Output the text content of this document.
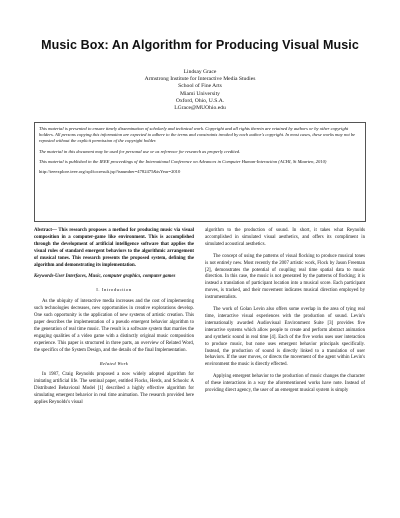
Music Box: An Algorithm for Producing Visual Music
Lindsay Grace
Armstrong Institute for Interactive Media Studies
School of Fine Arts
Miami University
Oxford, Ohio, U.S.A.
LGrace@MUOhio.edu

This material is presented to ensure timely dissemination of scholarly and technical work. Copyright and all rights therein are retained by authors or by other copyright holders. All persons copying this information are expected to adhere to the terms and constraints invoked by each author's copyright. In most cases, these works may not be reposted without the explicit permission of the copyright holder.

The material in this document may be used for personal use or as reference for research as properly credited.

This material is published in the IEEE proceedings of the International Conference on Advances in Computer Human-Interaction (ACHI, St Maarten, 2010)

http://ieeexplore.ieee.org/xpl/tocresult.jsp?isnumber=4782475&isYear=2010

Abstract— This research proposes a method for producing music via visual composition in a computer-game like environment. This is accomplished through the development of artificial intelligence software that applies the visual rules of standard emergent behaviors to the algorithmic arrangement of musical tones. This research presents the proposed system, defining the algorithm and demonstrating its implementation.

Keywords-User Interfaces, Music, computer graphics, computer games

I. Introduction

As the ubiquity of interactive media increases and the cost of implementing such technologies decreases, new opportunities in creative explorations develop. One such opportunity is the application of new systems of artistic creation. This paper describes the implementation of a pseudo emergent behavior algorithm to the generation of real time music. The result is a software system that marries the engaging qualities of a video game with a distinctly original music composition experience. This paper is structured in three parts, an overview of Related Word, the specifics of the System Design, and the details of the final Implementation.

Related Work

In 1987, Craig Reynolds proposed a now widely adopted algorithm for imitating artificial life. The seminal paper, entitled Flocks, Herds, and Schools: A Distributed Behavioral Model [1] described a highly effective algorithm for simulating emergent behavior in real time animation. The research provided here applies Reynolds's visual

algorithm to the production of sound. In short, it takes what Reynolds accomplished in simulated visual aesthetics, and offers its compliment in simulated acoustical aesthetics.

The concept of using the patterns of visual flocking to produce musical tones is not entirely new. Most recently the 2007 artistic work, Flock by Jason Freeman [2], demonstrates the potential of coupling real time spatial data to music direction. In this case, the music is not generated by the patterns of flocking; it is instead a translation of participant location into a musical score. Each participant moves, is tracked, and their movement indicates musical direction employed by instrumentalists.

The work of Golan Levin also offers some overlap in the area of tying real time, interactive visual experiences with the production of sound. Levin's internationally awarded Audiovisual Environment Suite [3] provides five interactive systems which allow people to create and perform abstract animation and synthetic sound in real time [4]. Each of the five works uses user interaction to produce music, but none uses emergent behavior principals specifically. Instead, the production of sound is directly linked to a translation of user behaviors. If the user moves, or directs the movement of the agent within Levin's environment the music is directly effected.

Applying emergent behavior to the production of music changes the character of these interactions in a way the aforementioned works have note. Instead of providing direct agency, the user of an emergent musical system is simply
